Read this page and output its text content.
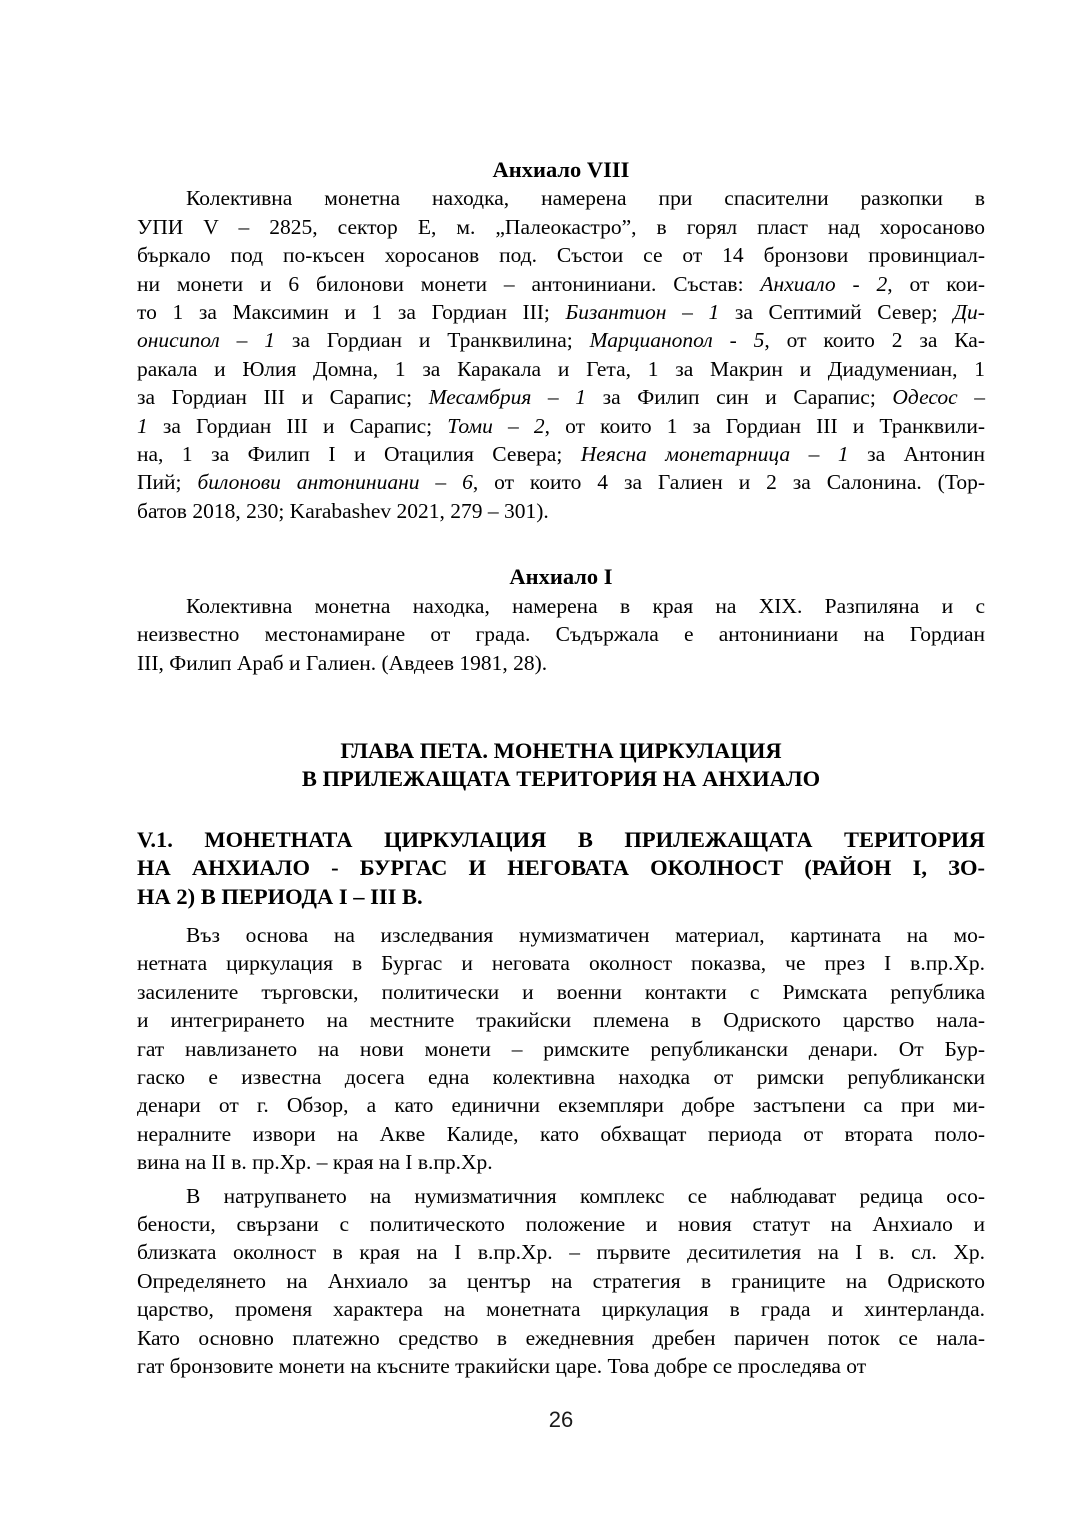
Анхиало VIII
Колективна монетна находка, намерена при спасителни разкопки в
УПИ V – 2825, сектор Е, м. „Палеокастро”, в горял пласт над хоросаново
бъркало под по-късен хоросанов под. Състои се от 14 бронзови провинциал-
ни монети и 6 билонови монети – антониниани. Състав: Анхиало - 2, от кои-
то 1 за Максимин и 1 за Гордиан III; Бизантион – 1 за Септимий Север; Ди-
онисипол – 1 за Гордиан и Транквилина; Марцианопол - 5, от които 2 за Ка-
ракала и Юлия Домна, 1 за Каракала и Гета, 1 за Макрин и Диадумениан, 1
за Гордиан III и Сарапис; Месамбрия – 1 за Филип син и Сарапис; Одесос –
1 за Гордиан III и Сарапис; Томи – 2, от които 1 за Гордиан III и Транквили-
на, 1 за Филип I и Отацилия Севера; Неясна монетарница – 1 за Антонин
Пий; билонови антониниани – 6, от които 4 за Галиен и 2 за Салонина. (Тор-
батов 2018, 230; Karabashev 2021, 279 – 301).
Анхиало I
Колективна монетна находка, намерена в края на XIX. Разпиляна и с
неизвестно местонамиране от града. Съдържала е антониниани на Гордиан
III, Филип Араб и Галиен. (Авдеев 1981, 28).
ГЛАВА ПЕТА. МОНЕТНА ЦИРКУЛАЦИЯ
В ПРИЛЕЖАЩАТА ТЕРИТОРИЯ НА АНХИАЛО
V.1. МОНЕТНАТА ЦИРКУЛАЦИЯ В ПРИЛЕЖАЩАТА ТЕРИТОРИЯ
НА АНХИАЛО - БУРГАС И НЕГОВАТА ОКОЛНОСТ (РАЙОН I, ЗО-
НА 2) В ПЕРИОДА I – III В.
Въз основа на изследвания нумизматичен материал, картината на мо-
нетната циркулация в Бургас и неговата околност показва, че през I в.пр.Хр.
засилените търговски, политически и военни контакти с Римската република
и интегрирането на местните тракийски племена в Одриското царство нала-
гат навлизането на нови монети – римските републикански денари. От Бур-
гаско е известна досега една колективна находка от римски републикански
денари от г. Обзор, а като единични екземпляри добре застъпени са при ми-
нералните извори на Акве Калиде, като обхващат периода от втората поло-
вина на II в. пр.Хр. – края на I в.пр.Хр.
В натрупването на нумизматичния комплекс се наблюдават редица осо-
бености, свързани с политическото положение и новия статут на Анхиало и
близката околност в края на I в.пр.Хр. – първите деситилетия на I в. сл. Хр.
Определянето на Анхиало за център на стратегия в границите на Одриското
царство, променя характера на монетната циркулация в града и хинтерланда.
Като основно платежно средство в ежедневния дребен паричен поток се нала-
гат бронзовите монети на късните тракийски царе. Това добре се проследява от
26
